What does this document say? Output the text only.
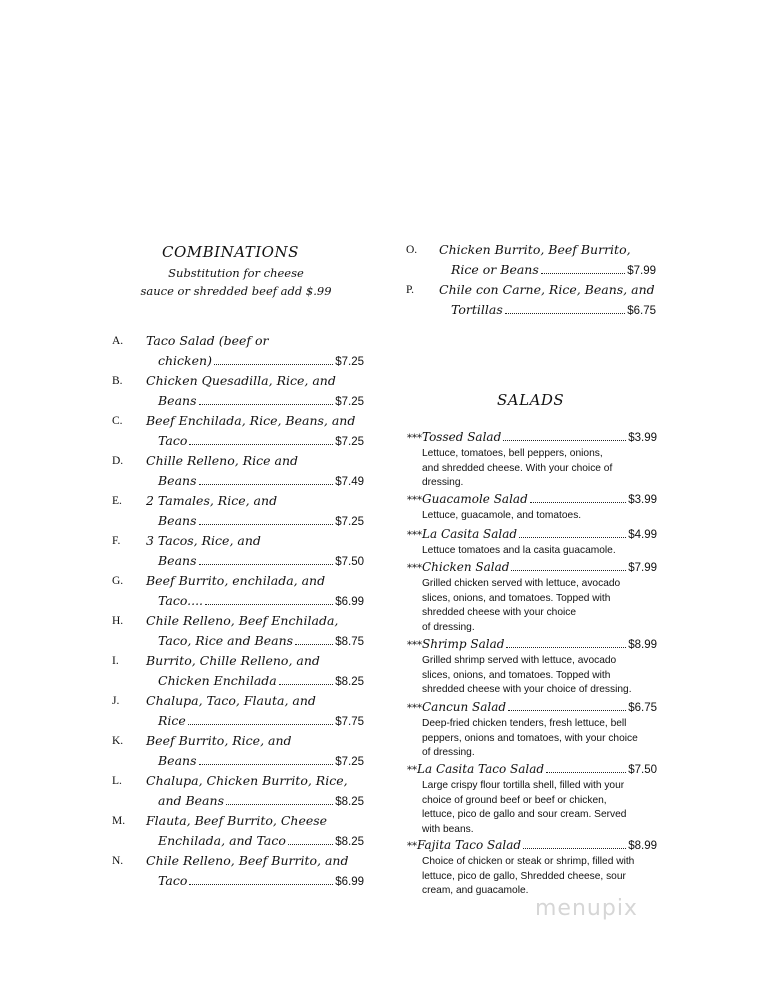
COMBINATIONS
Substitution for cheese
sauce or shredded beef add $.99
A.	Taco Salad (beef or
chicken)	$7.25
B.	Chicken Quesadilla, Rice, and
Beans	$7.25
C.	Beef Enchilada, Rice, Beans, and
Taco	$7.25
D.	Chille Relleno, Rice and
Beans	$7.49
E.	2 Tamales, Rice, and
Beans	$7.25
F.	3 Tacos, Rice, and
Beans	$7.50
G.	Beef Burrito, enchilada, and
Taco....	$6.99
H.	Chile Relleno, Beef Enchilada,
Taco, Rice and Beans	$8.75
I.	Burrito, Chille Relleno, and
Chicken Enchilada	$8.25
J.	Chalupa, Taco, Flauta, and
Rice	$7.75
K.	Beef Burrito, Rice, and
Beans	$7.25
L.	Chalupa, Chicken Burrito, Rice,
and Beans	$8.25
M.	Flauta, Beef Burrito, Cheese
Enchilada, and Taco	$8.25
N.	Chile Relleno, Beef Burrito, and
Taco	$6.99
O. Chicken Burrito, Beef Burrito,
Rice or Beans	$7.99
P. Chile con Carne, Rice, Beans, and
Tortillas	$6.75
SALADS
*** Tossed Salad	$3.99
Lettuce, tomatoes, bell peppers, onions,
and shredded cheese. With your choice of
dressing.
*** Guacamole Salad	$3.99
Lettuce, guacamole, and tomatoes.
*** La Casita Salad	$4.99
Lettuce tomatoes and la casita guacamole.
*** Chicken Salad	$7.99
Grilled chicken served with lettuce, avocado
slices, onions, and tomatoes. Topped with
shredded cheese with your choice
of dressing.
*** Shrimp Salad	$8.99
Grilled shrimp served with lettuce, avocado
slices, onions, and tomatoes. Topped with
shredded cheese with your choice of dressing.
*** Cancun Salad	$6.75
Deep-fried chicken tenders, fresh lettuce, bell
peppers, onions and tomatoes, with your choice
of dressing.
** La Casita Taco Salad	$7.50
Large crispy flour tortilla shell, filled with your
choice of ground beef or beef or chicken,
lettuce, pico de gallo and sour cream. Served
with beans.
** Fajita Taco Salad	$8.99
Choice of chicken or steak or shrimp, filled with
lettuce, pico de gallo, Shredded cheese, sour
cream, and guacamole.
menupix
